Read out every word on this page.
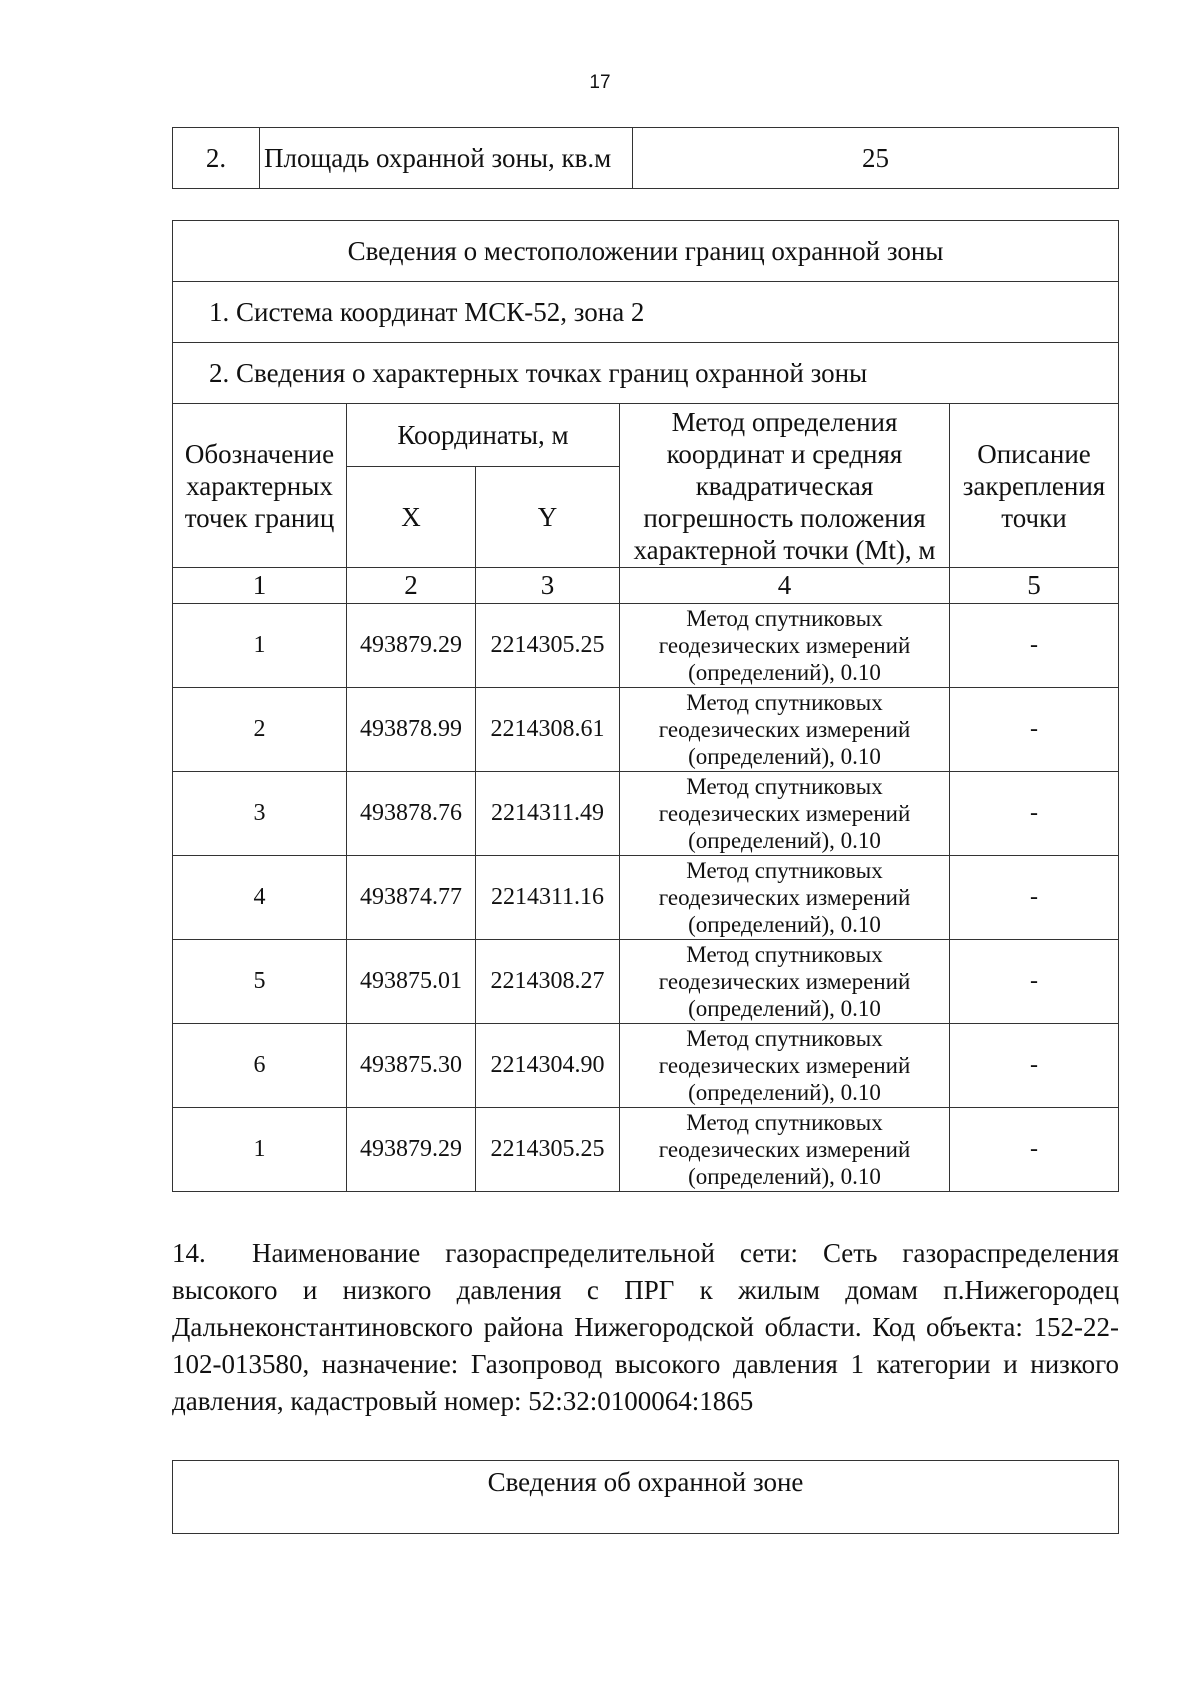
17
2.	Площадь охранной зоны, кв.м	25
Сведения о местоположении границ охранной зоны				
1. Система координат МСК-52, зона 2				
2. Сведения о характерных точках границ охранной зоны				
Обозначение характерных точек границ	Координаты, м		Метод определения координат и средняя квадратическая погрешность положения характерной точки (Mt), м	Описание закрепления точки
	X	Y		
1	2	3	4	5
1	493879.29	2214305.25	Метод спутниковых геодезических измерений (определений), 0.10	-
2	493878.99	2214308.61	Метод спутниковых геодезических измерений (определений), 0.10	-
3	493878.76	2214311.49	Метод спутниковых геодезических измерений (определений), 0.10	-
4	493874.77	2214311.16	Метод спутниковых геодезических измерений (определений), 0.10	-
5	493875.01	2214308.27	Метод спутниковых геодезических измерений (определений), 0.10	-
6	493875.30	2214304.90	Метод спутниковых геодезических измерений (определений), 0.10	-
1	493879.29	2214305.25	Метод спутниковых геодезических измерений (определений), 0.10	-
14. Наименование газораспределительной сети: Сеть газораспределения высокого и низкого давления с ПРГ к жилым домам п.Нижегородец Дальнеконстантиновского района Нижегородской области. Код объекта: 152-22-102-013580, назначение: Газопровод высокого давления 1 категории и низкого давления, кадастровый номер: 52:32:0100064:1865
Сведения об охранной зоне
